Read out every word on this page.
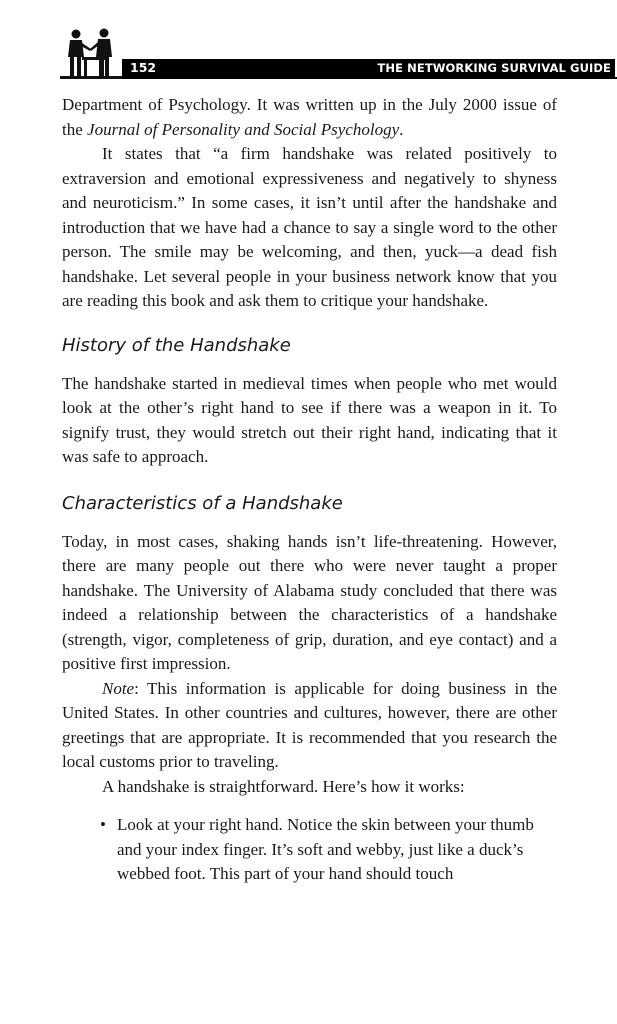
152	THE NETWORKING SURVIVAL GUIDE

Department of Psychology. It was written up in the July 2000 issue of the Journal of Personality and Social Psychology.

It states that “a firm handshake was related positively to extraversion and emotional expressiveness and negatively to shyness and neuroticism.” In some cases, it isn’t until after the handshake and introduction that we have had a chance to say a single word to the other person. The smile may be welcoming, and then, yuck—a dead fish handshake. Let several people in your business network know that you are reading this book and ask them to critique your handshake.

History of the Handshake

The handshake started in medieval times when people who met would look at the other’s right hand to see if there was a weapon in it. To signify trust, they would stretch out their right hand, indicating that it was safe to approach.

Characteristics of a Handshake

Today, in most cases, shaking hands isn’t life-threatening. However, there are many people out there who were never taught a proper handshake. The University of Alabama study concluded that there was indeed a relationship between the characteristics of a handshake (strength, vigor, completeness of grip, duration, and eye contact) and a positive first impression.

Note: This information is applicable for doing business in the United States. In other countries and cultures, however, there are other greetings that are appropriate. It is recommended that you research the local customs prior to traveling.

A handshake is straightforward. Here’s how it works:

• Look at your right hand. Notice the skin between your thumb and your index finger. It’s soft and webby, just like a duck’s webbed foot. This part of your hand should touch
